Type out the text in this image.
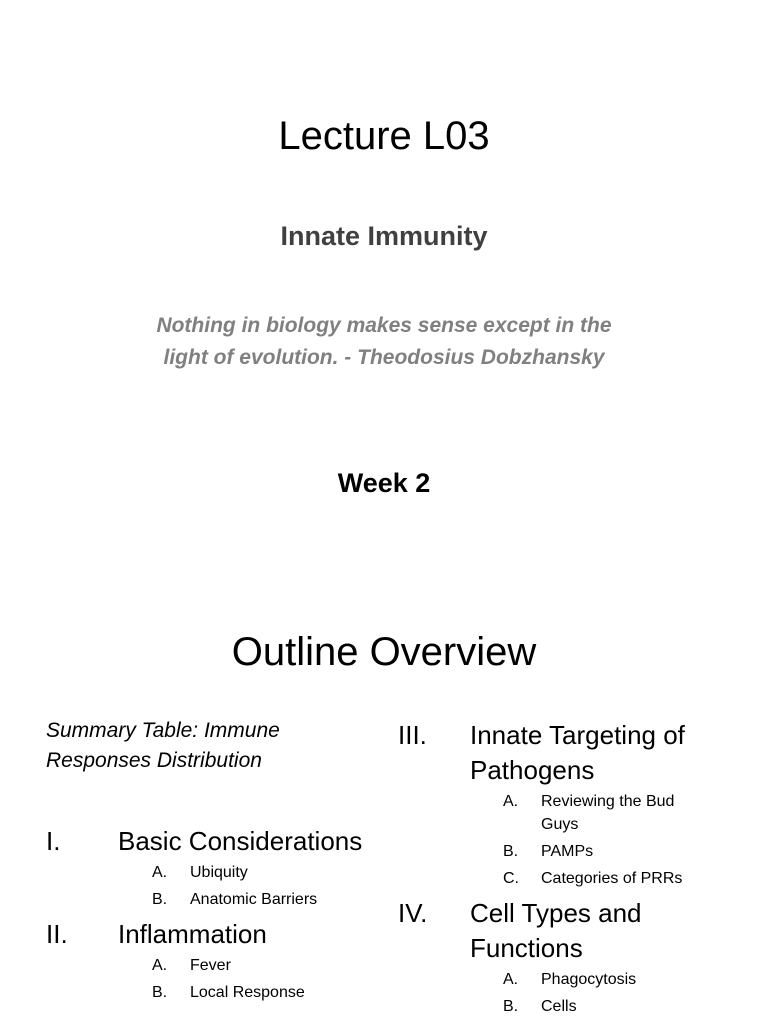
Lecture L03
Innate Immunity
Nothing in biology makes sense except in the
light of evolution. - Theodosius Dobzhansky
Week 2
Outline Overview
Summary Table: Immune
Responses Distribution
I.	Basic Considerations
A.	Ubiquity
B.	Anatomic Barriers
II.	Inflammation
A.	Fever
B.	Local Response
III.	Innate Targeting of Pathogens
A.	Reviewing the Bud Guys
B.	PAMPs
C.	Categories of PRRs
IV.	Cell Types and Functions
A.	Phagocytosis
B.	Cells
